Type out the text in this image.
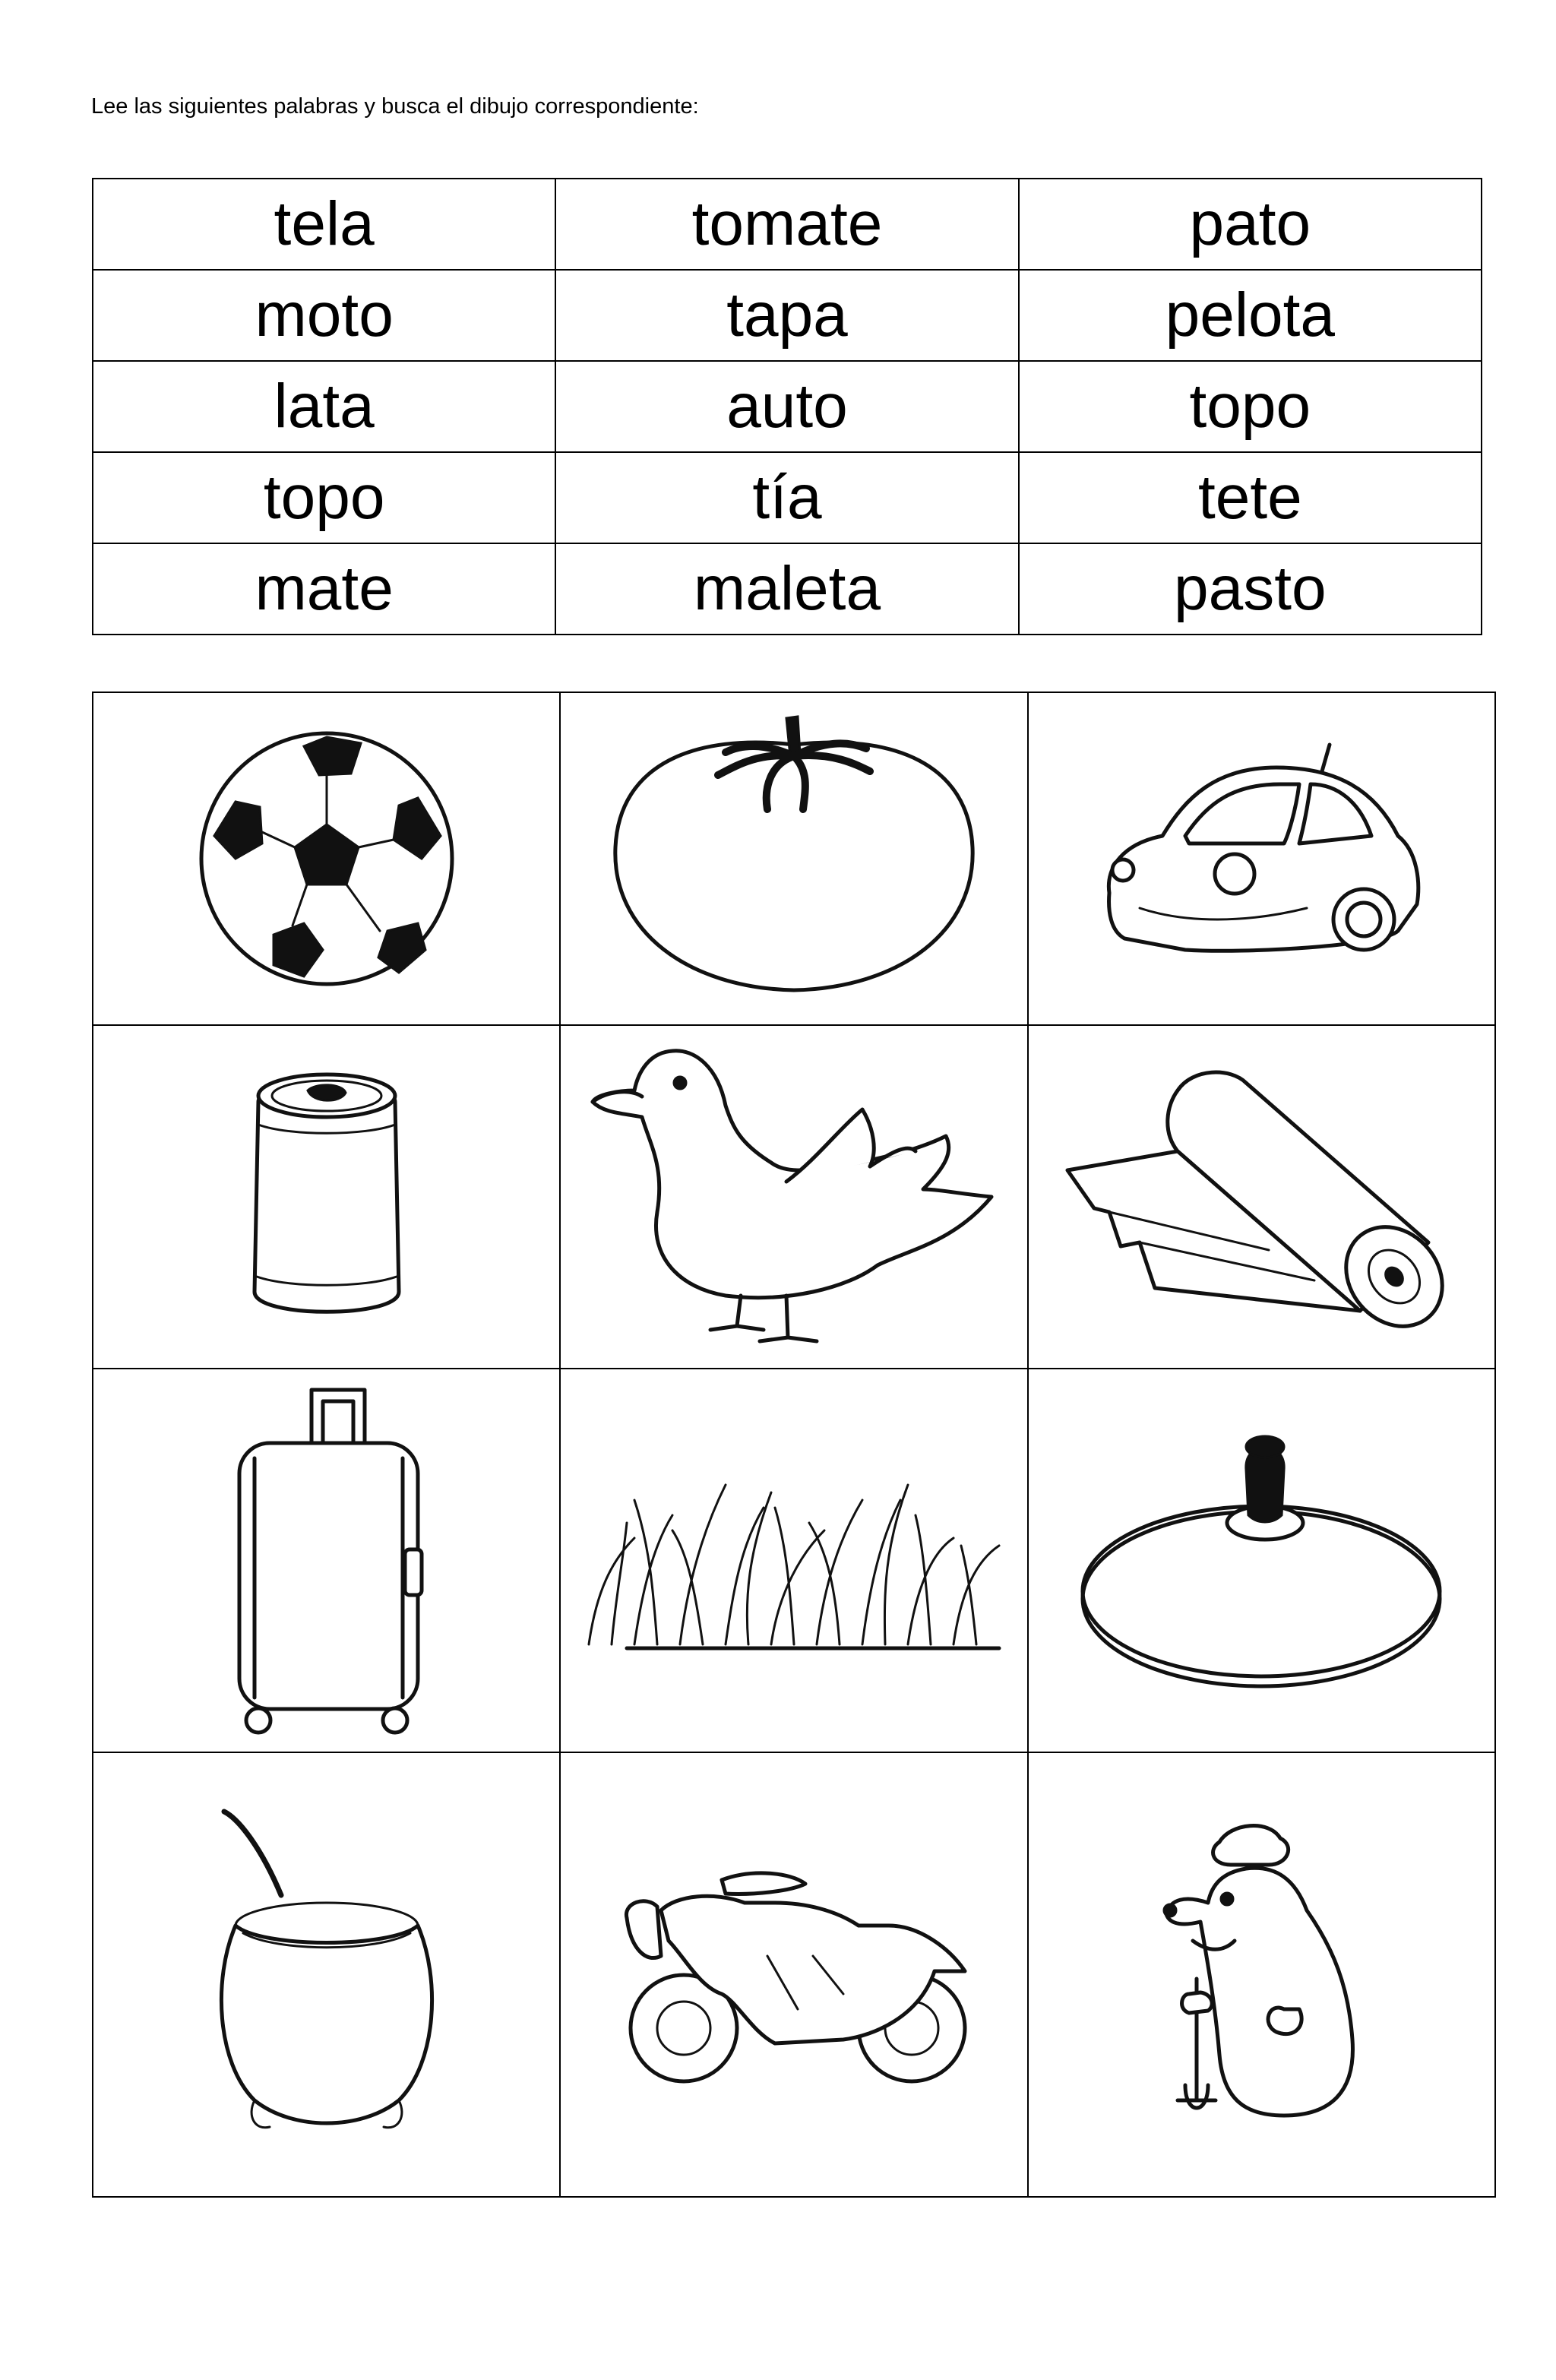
Lee las siguientes palabras y busca el dibujo correspondiente:
tela	tomate	pato
moto	tapa	pelota
lata	auto	topo
topo	tía	tete
mate	maleta	pasto
